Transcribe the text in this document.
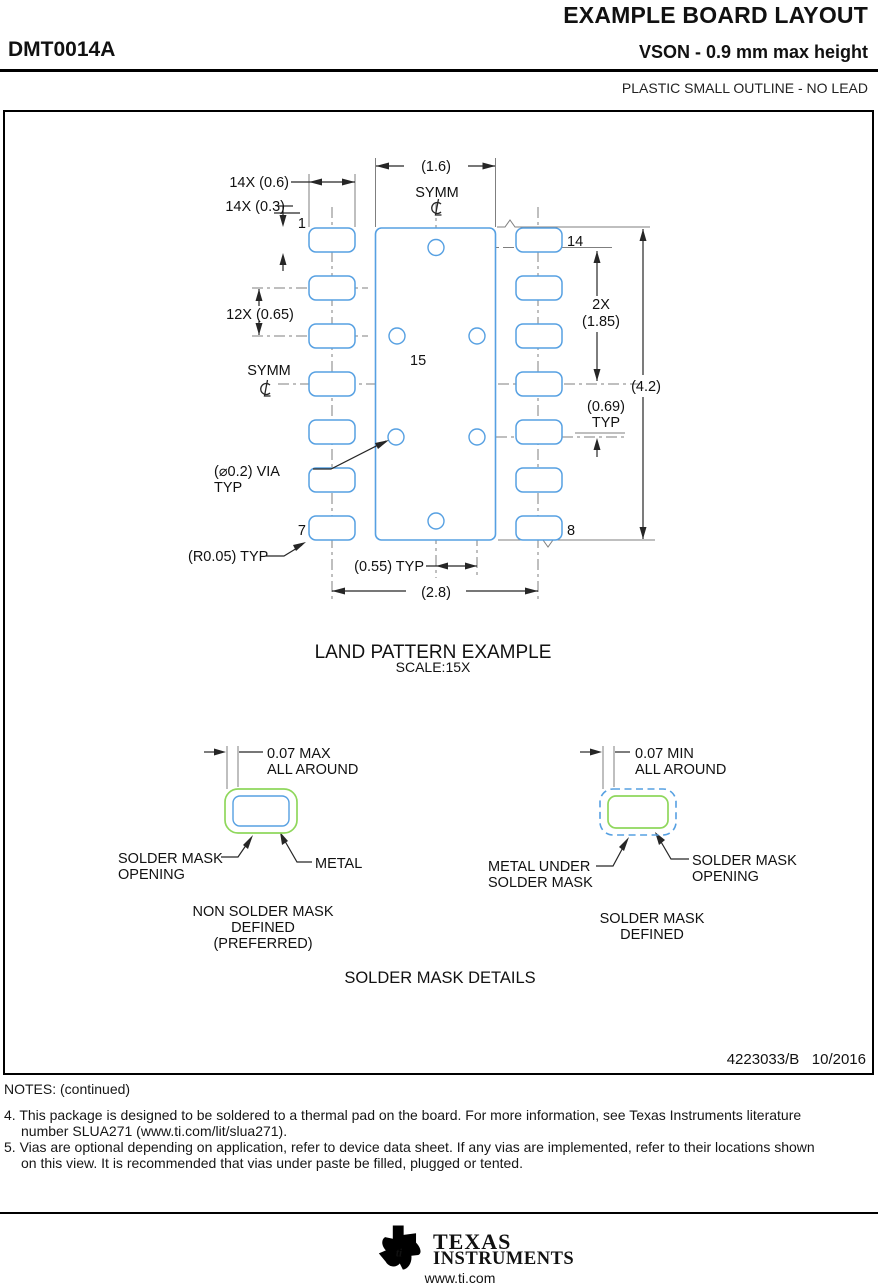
EXAMPLE BOARD LAYOUT
DMT0014A	VSON - 0.9 mm max height
PLASTIC SMALL OUTLINE - NO LEAD
4223033/B   10/2016
(1.6)
14X (0.6)
14X (0.3)
12X (0.65)
SYMM
SYMM
2X
(1.85)
(4.2)
(0.69)
TYP
(⌀0.2) VIA
TYP
(R0.05) TYP
(0.55) TYP
(2.8)
1
14
7	8
15
LAND PATTERN EXAMPLE
SCALE:15X
0.07 MAX
ALL AROUND
SOLDER MASK
OPENING
METAL
NON SOLDER MASK
DEFINED
(PREFERRED)
0.07 MIN
ALL AROUND
METAL UNDER
SOLDER MASK
SOLDER MASK
OPENING
SOLDER MASK
DEFINED
SOLDER MASK DETAILS
NOTES: (continued)
4. This package is designed to be soldered to a thermal pad on the board. For more information, see Texas Instruments literature
number SLUA271 (www.ti.com/lit/slua271).
5. Vias are optional depending on application, refer to device data sheet. If any vias are implemented, refer to their locations shown
on this view. It is recommended that vias under paste be filled, plugged or tented.
ti TEXAS
INSTRUMENTS
www.ti.com
